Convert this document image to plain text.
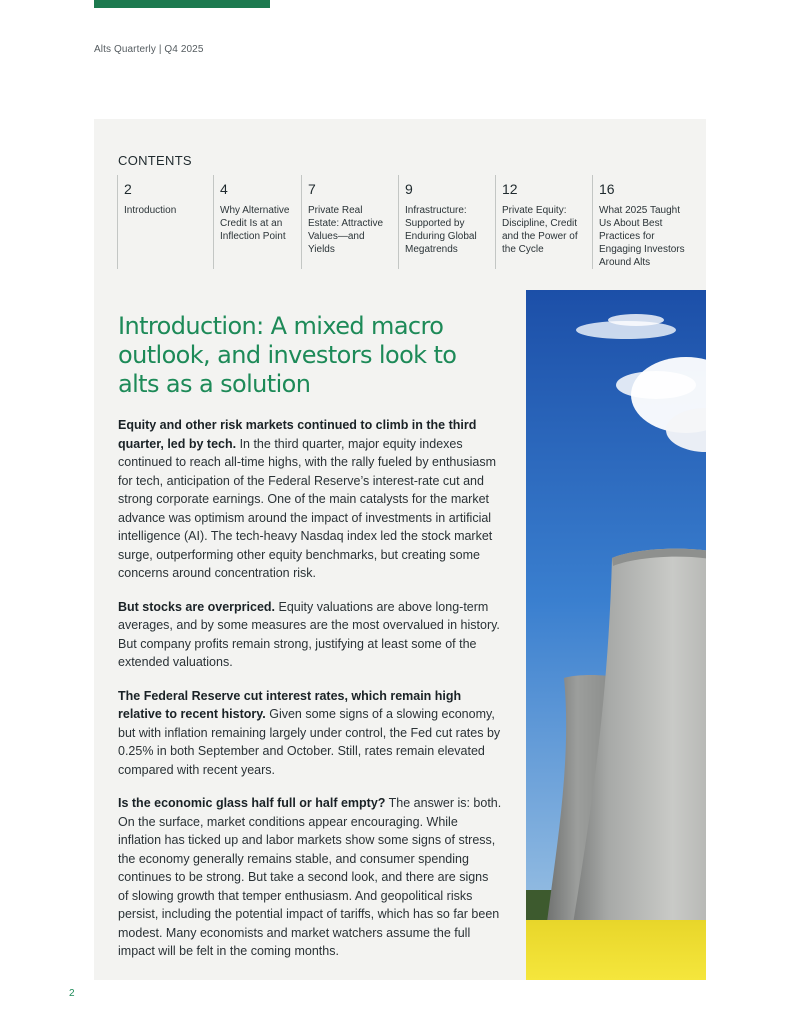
Alts Quarterly | Q4 2025
CONTENTS
2
Introduction
4
Why Alternative Credit Is at an Inflection Point
7
Private Real Estate: Attractive Values—and Yields
9
Infrastructure: Supported by Enduring Global Megatrends
12
Private Equity: Discipline, Credit and the Power of the Cycle
16
What 2025 Taught Us About Best Practices for Engaging Investors Around Alts
Introduction: A mixed macro outlook, and investors look to alts as a solution

Equity and other risk markets continued to climb in the third quarter, led by tech. In the third quarter, major equity indexes continued to reach all-time highs, with the rally fueled by enthusiasm for tech, anticipation of the Federal Reserve’s interest-rate cut and strong corporate earnings. One of the main catalysts for the market advance was optimism around the impact of investments in artificial intelligence (AI). The tech-heavy Nasdaq index led the stock market surge, outperforming other equity benchmarks, but creating some concerns around concentration risk.

But stocks are overpriced. Equity valuations are above long-term averages, and by some measures are the most overvalued in history. But company profits remain strong, justifying at least some of the extended valuations.

The Federal Reserve cut interest rates, which remain high relative to recent history. Given some signs of a slowing economy, but with inflation remaining largely under control, the Fed cut rates by 0.25% in both September and October. Still, rates remain elevated compared with recent years.

Is the economic glass half full or half empty? The answer is: both. On the surface, market conditions appear encouraging. While inflation has ticked up and labor markets show some signs of stress, the economy generally remains stable, and consumer spending continues to be strong. But take a second look, and there are signs of slowing growth that temper enthusiasm. And geopolitical risks persist, including the potential impact of tariffs, which has so far been modest. Many economists and market watchers assume the full impact will be felt in the coming months.

2
